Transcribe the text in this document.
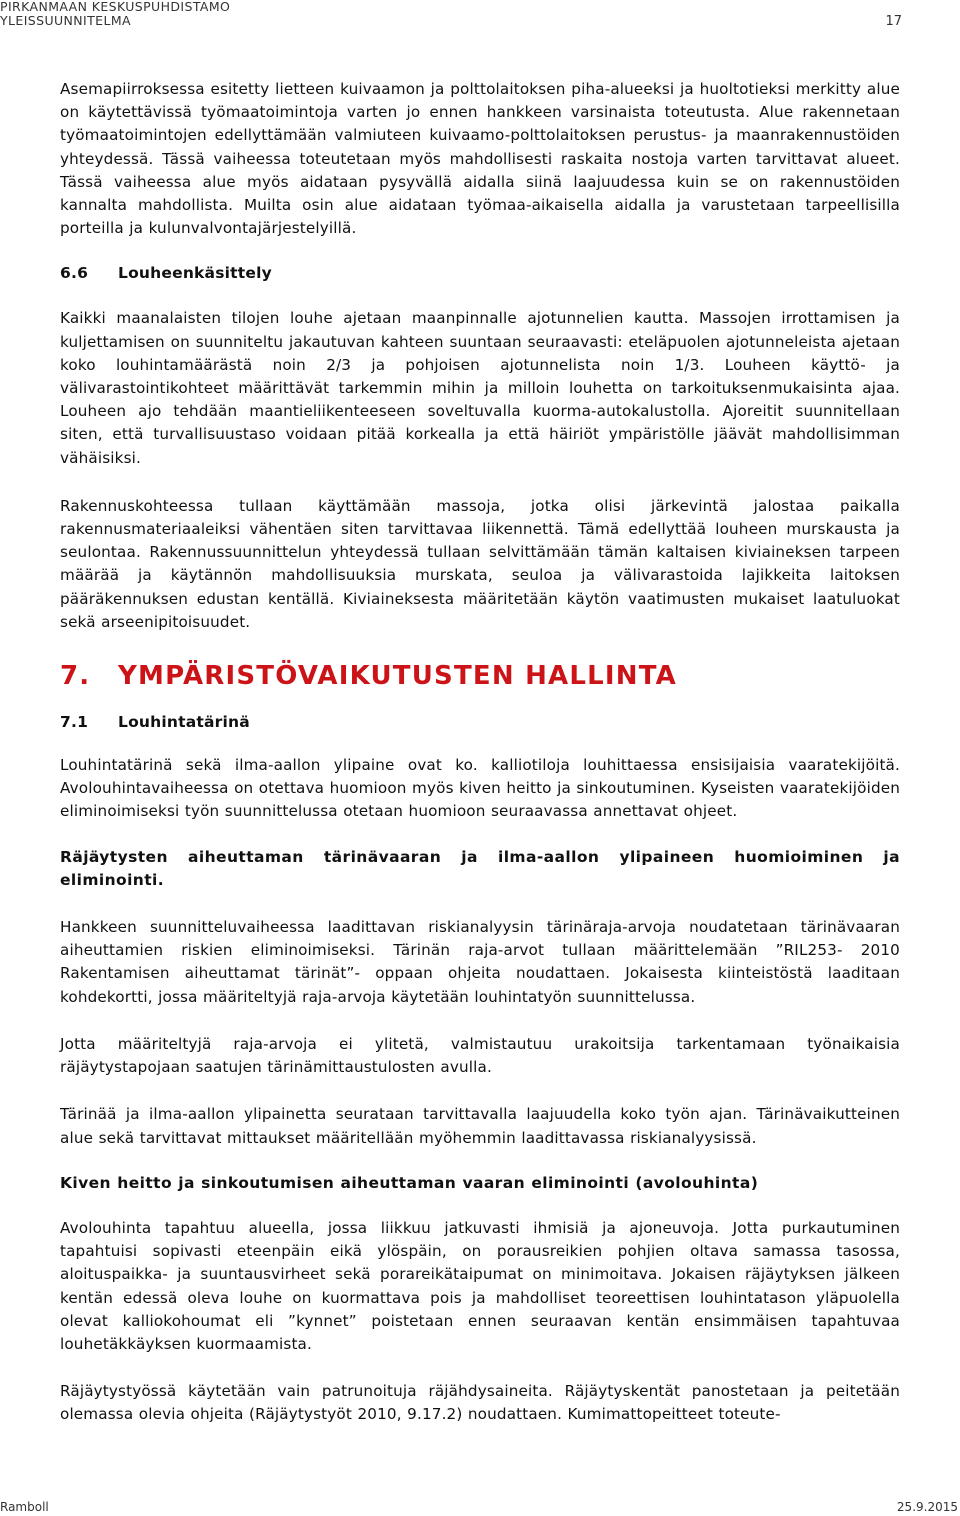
PIRKANMAAN KESKUSPUHDISTAMO
YLEISSUUNNITELMA	17

Asemapiirroksessa esitetty lietteen kuivaamon ja polttolaitoksen piha-alueeksi ja huoltotieksi merkitty alue on käytettävissä työmaatoimintoja varten jo ennen hankkeen varsinaista toteutusta. Alue rakennetaan työmaatoimintojen edellyttämään valmiuteen kuivaamo-polttolaitoksen perustus- ja maanrakennustöiden yhteydessä. Tässä vaiheessa toteutetaan myös mahdollisesti raskaita nostoja varten tarvittavat alueet. Tässä vaiheessa alue myös aidataan pysyvällä aidalla siinä laajuudessa kuin se on rakennustöiden kannalta mahdollista. Muilta osin alue aidataan työmaa-aikaisella aidalla ja varustetaan tarpeellisilla porteilla ja kulunvalvontajärjestelyillä.

6.6 Louheenkäsittely

Kaikki maanalaisten tilojen louhe ajetaan maanpinnalle ajotunnelien kautta. Massojen irrottamisen ja kuljettamisen on suunniteltu jakautuvan kahteen suuntaan seuraavasti: eteläpuolen ajotunneleista ajetaan koko louhintamäärästä noin 2/3 ja pohjoisen ajotunnelista noin 1/3. Louheen käyttö- ja välivarastointikohteet määrittävät tarkemmin mihin ja milloin louhetta on tarkoituksenmukaisinta ajaa. Louheen ajo tehdään maantieliikenteeseen soveltuvalla kuorma-autokalustolla. Ajoreitit suunnitellaan siten, että turvallisuustaso voidaan pitää korkealla ja että häiriöt ympäristölle jäävät mahdollisimman vähäisiksi.

Rakennuskohteessa tullaan käyttämään massoja, jotka olisi järkevintä jalostaa paikalla rakennusmateriaaleiksi vähentäen siten tarvittavaa liikennettä. Tämä edellyttää louheen murskausta ja seulontaa. Rakennussuunnittelun yhteydessä tullaan selvittämään tämän kaltaisen kiviaineksen tarpeen määrää ja käytännön mahdollisuuksia murskata, seuloa ja välivarastoida lajikkeita laitoksen pääräkennuksen edustan kentällä. Kiviaineksesta määritetään käytön vaatimusten mukaiset laatuluokat sekä arseenipitoisuudet.

7. YMPÄRISTÖVAIKUTUSTEN HALLINTA
7.1 Louhintatärinä

Louhintatärinä sekä ilma-aallon ylipaine ovat ko. kalliotiloja louhittaessa ensisijaisia vaaratekijöitä. Avolouhintavaiheessa on otettava huomioon myös kiven heitto ja sinkoutuminen. Kyseisten vaaratekijöiden eliminoimiseksi työn suunnittelussa otetaan huomioon seuraavassa annettavat ohjeet.

Räjäytysten aiheuttaman tärinävaaran ja ilma-aallon ylipaineen huomioiminen ja eliminointi.

Hankkeen suunnitteluvaiheessa laadittavan riskianalyysin tärinäraja-arvoja noudatetaan tärinävaaran aiheuttamien riskien eliminoimiseksi. Tärinän raja-arvot tullaan määrittelemään ”RIL253- 2010 Rakentamisen aiheuttamat tärinät”- oppaan ohjeita noudattaen. Jokaisesta kiinteistöstä laaditaan kohdekortti, jossa määriteltyjä raja-arvoja käytetään louhintatyön suunnittelussa.

Jotta määriteltyjä raja-arvoja ei ylitetä, valmistautuu urakoitsija tarkentamaan työnaikaisia räjäytystapojaan saatujen tärinämittaustulosten avulla.

Tärinää ja ilma-aallon ylipainetta seurataan tarvittavalla laajuudella koko työn ajan. Tärinävaikutteinen alue sekä tarvittavat mittaukset määritellään myöhemmin laadittavassa riskianalyysissä.

Kiven heitto ja sinkoutumisen aiheuttaman vaaran eliminointi (avolouhinta)

Avolouhinta tapahtuu alueella, jossa liikkuu jatkuvasti ihmisiä ja ajoneuvoja. Jotta purkautuminen tapahtuisi sopivasti eteenpäin eikä ylöspäin, on porausreikien pohjien oltava samassa tasossa, aloituspaikka- ja suuntausvirheet sekä porareikätaipumat on minimoitava. Jokaisen räjäytyksen jälkeen kentän edessä oleva louhe on kuormattava pois ja mahdolliset teoreettisen louhintatason yläpuolella olevat kalliokohoumat eli ”kynnet” poistetaan ennen seuraavan kentän ensimmäisen tapahtuvaa louhetäkkäyksen kuormaamista.

Räjäytystyössä käytetään vain patrunoituja räjähdysaineita. Räjäytyskentät panostetaan ja peitetään olemassa olevia ohjeita (Räjäytystyöt 2010, 9.17.2) noudattaen. Kumimattopeitteet toteute-

Ramboll	25.9.2015
